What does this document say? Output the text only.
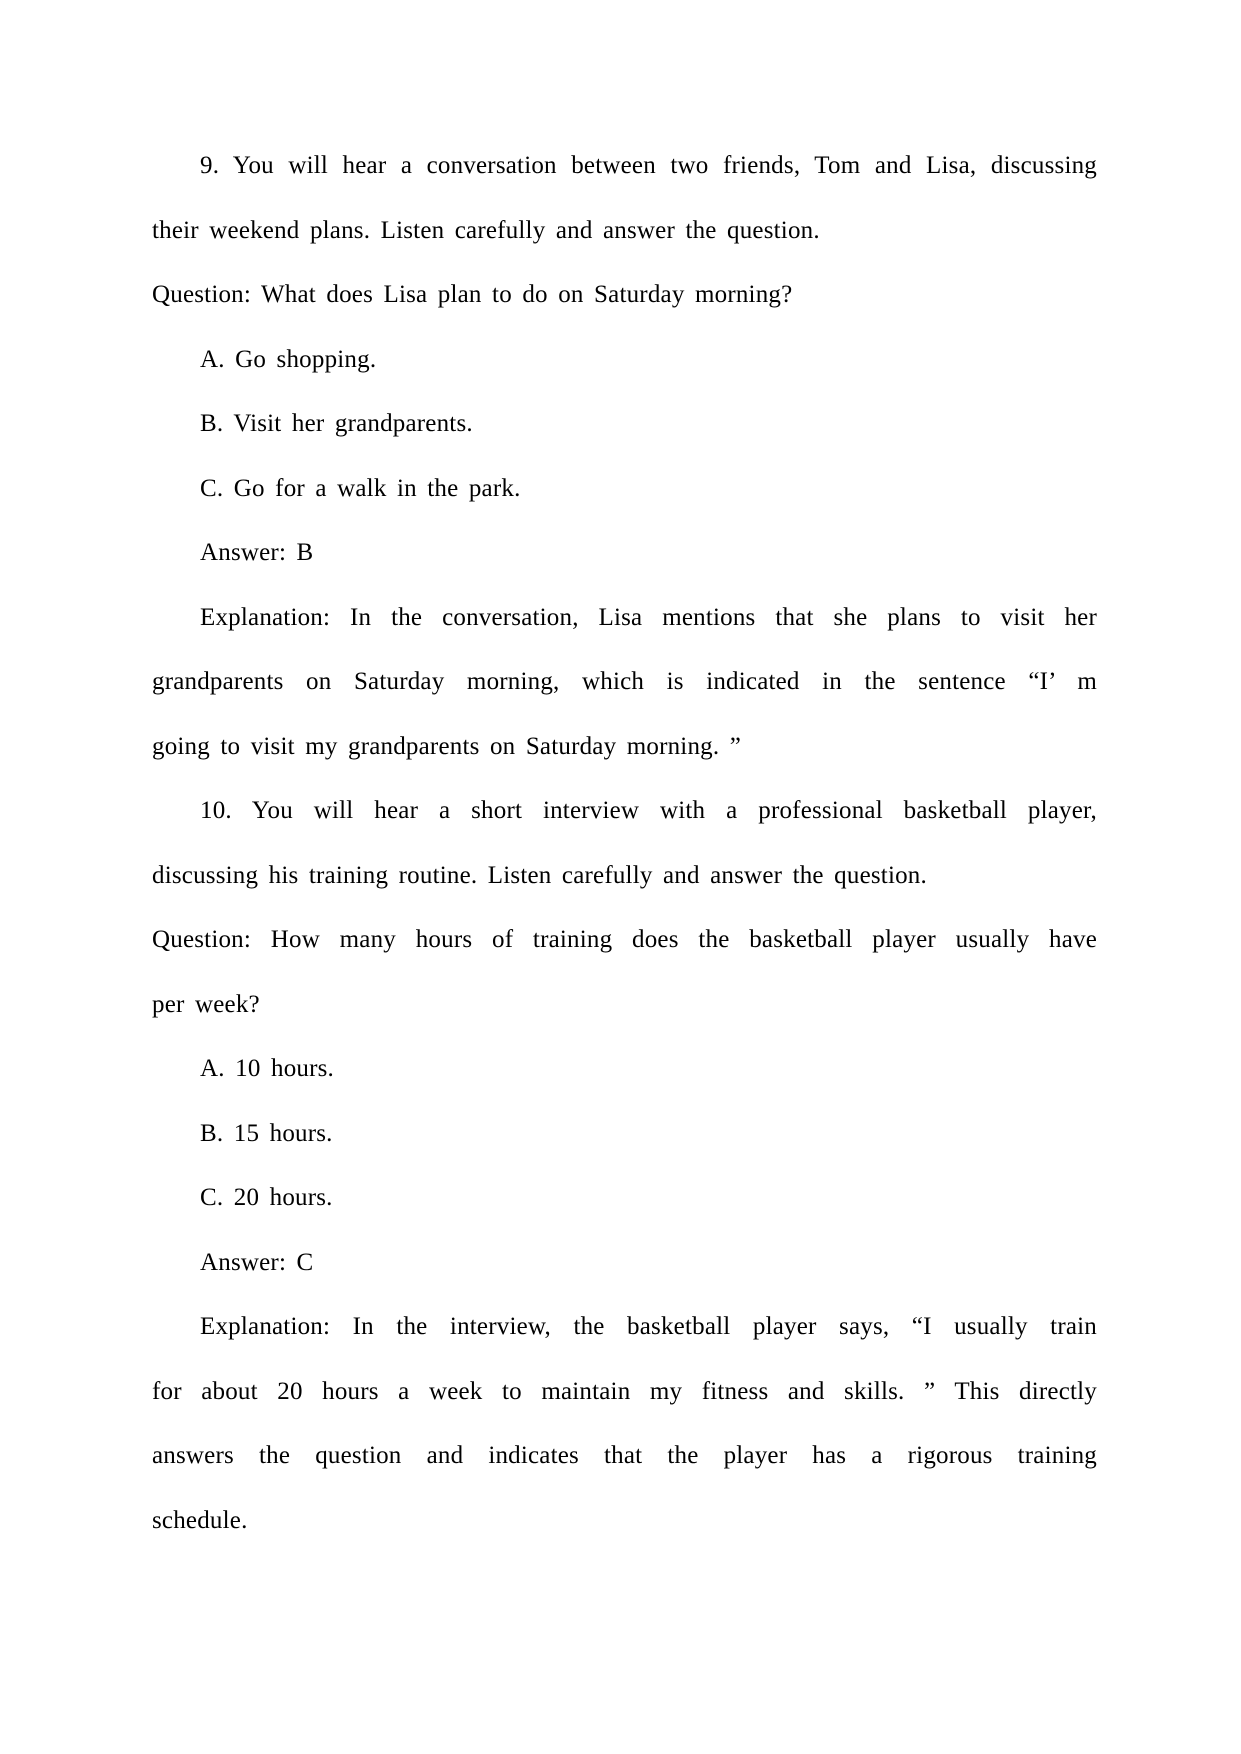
9. You will hear a conversation between two friends, Tom and Lisa, discussing
their weekend plans. Listen carefully and answer the question.
Question: What does Lisa plan to do on Saturday morning?
A. Go shopping.
B. Visit her grandparents.
C. Go for a walk in the park.
Answer: B
Explanation: In the conversation, Lisa mentions that she plans to visit her
grandparents on Saturday morning, which is indicated in the sentence “I’ m
going to visit my grandparents on Saturday morning. ”
10. You will hear a short interview with a professional basketball player,
discussing his training routine. Listen carefully and answer the question.
Question: How many hours of training does the basketball player usually have
per week?
A. 10 hours.
B. 15 hours.
C. 20 hours.
Answer: C
Explanation: In the interview, the basketball player says, “I usually train
for about 20 hours a week to maintain my fitness and skills. ” This directly
answers the question and indicates that the player has a rigorous training
schedule.
